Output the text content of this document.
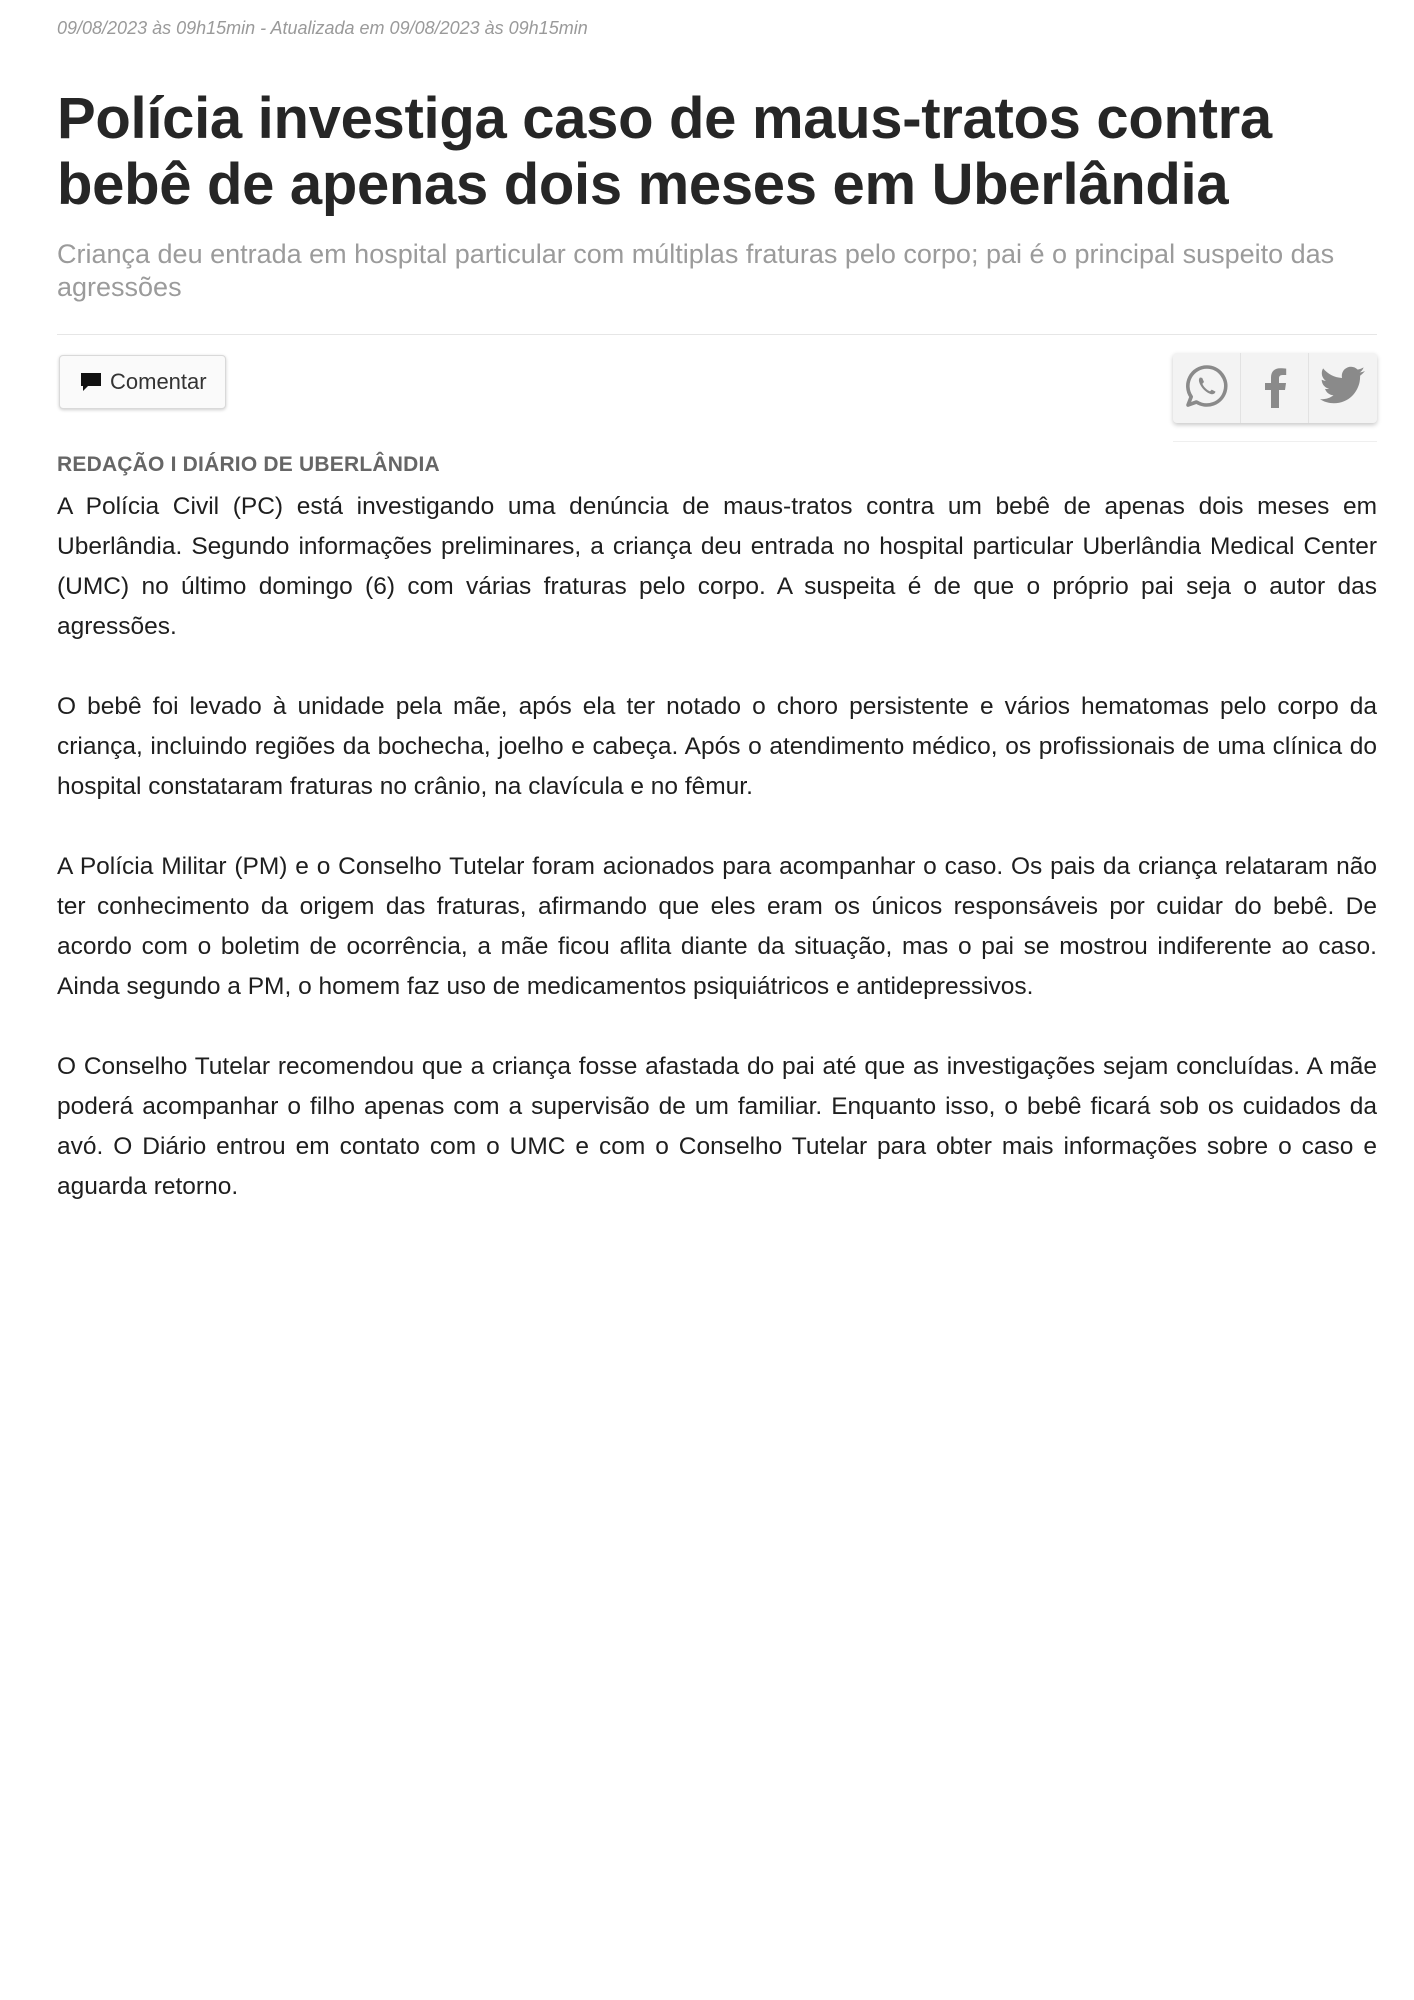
09/08/2023 às 09h15min - Atualizada em 09/08/2023 às 09h15min
Polícia investiga caso de maus-tratos contra bebê de apenas dois meses em Uberlândia
Criança deu entrada em hospital particular com múltiplas fraturas pelo corpo; pai é o principal suspeito das agressões
Comentar
REDAÇÃO I DIÁRIO DE UBERLÂNDIA

A Polícia Civil (PC) está investigando uma denúncia de maus-tratos contra um bebê de apenas dois meses em Uberlândia. Segundo informações preliminares, a criança deu entrada no hospital particular Uberlândia Medical Center (UMC) no último domingo (6) com várias fraturas pelo corpo. A suspeita é de que o próprio pai seja o autor das agressões.

O bebê foi levado à unidade pela mãe, após ela ter notado o choro persistente e vários hematomas pelo corpo da criança, incluindo regiões da bochecha, joelho e cabeça. Após o atendimento médico, os profissionais de uma clínica do hospital constataram fraturas no crânio, na clavícula e no fêmur.

A Polícia Militar (PM) e o Conselho Tutelar foram acionados para acompanhar o caso. Os pais da criança relataram não ter conhecimento da origem das fraturas, afirmando que eles eram os únicos responsáveis por cuidar do bebê. De acordo com o boletim de ocorrência, a mãe ficou aflita diante da situação, mas o pai se mostrou indiferente ao caso. Ainda segundo a PM, o homem faz uso de medicamentos psiquiátricos e antidepressivos.

O Conselho Tutelar recomendou que a criança fosse afastada do pai até que as investigações sejam concluídas. A mãe poderá acompanhar o filho apenas com a supervisão de um familiar. Enquanto isso, o bebê ficará sob os cuidados da avó. O Diário entrou em contato com o UMC e com o Conselho Tutelar para obter mais informações sobre o caso e aguarda retorno.
